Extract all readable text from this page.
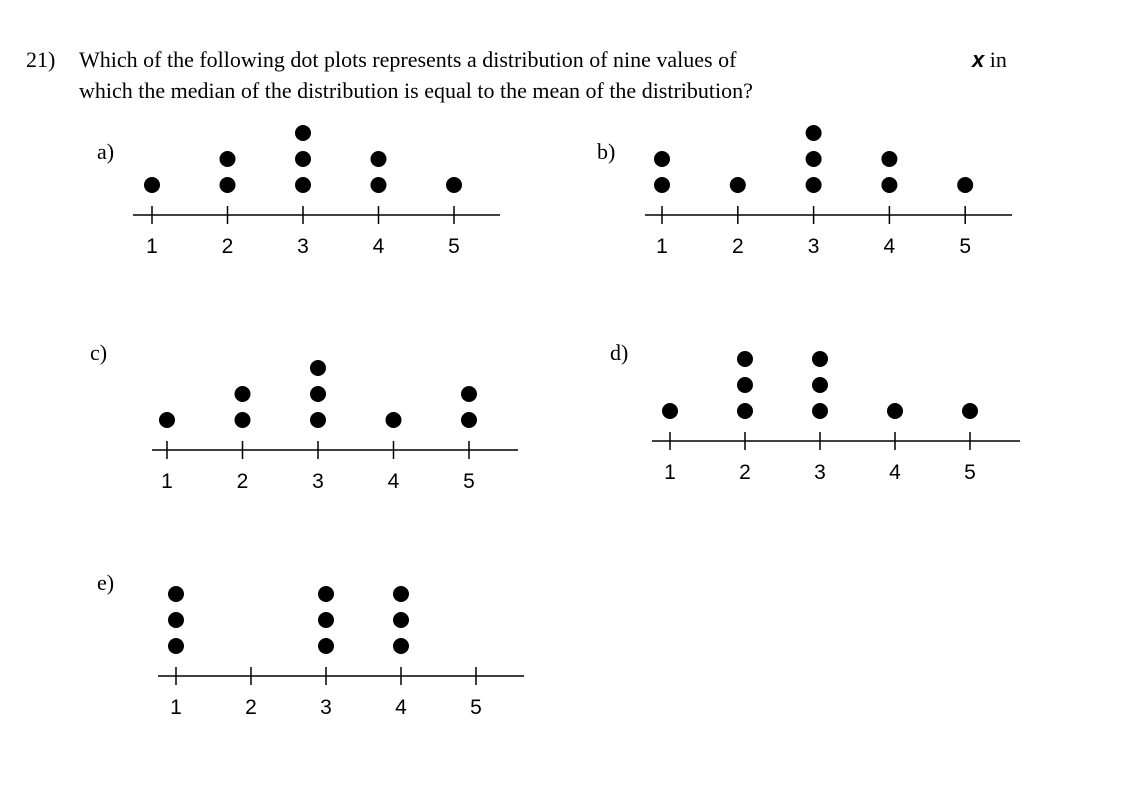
21) Which of the following dot plots represents a distribution of nine values of	x in
which the median of the distribution is equal to the mean of the distribution?
a)	b)
c)	d)
e)
1	2	3	4	5	1	2	3	4	5
1	2	3	4	5	1	2	3	4	5
1	2	3	4	5
